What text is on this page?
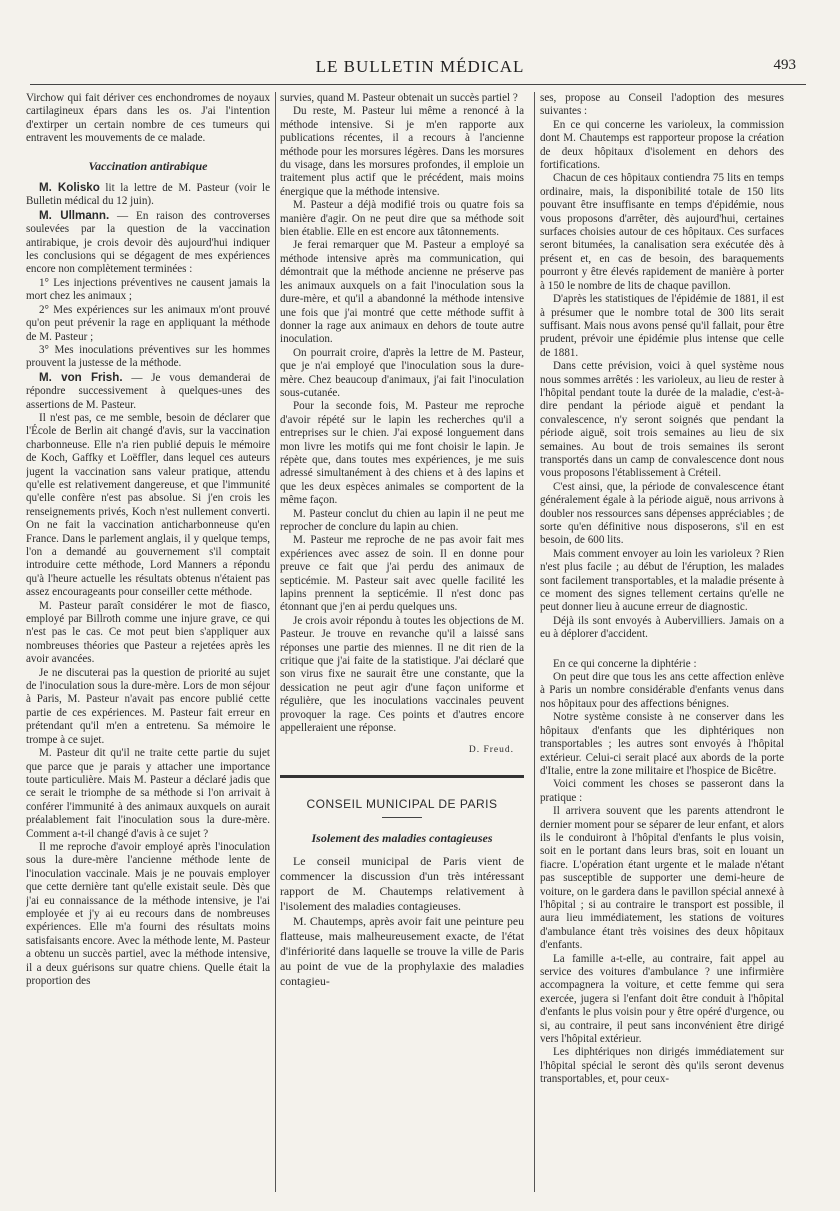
LE BULLETIN MÉDICAL	493

Virchow qui fait dériver ces enchondromes de noyaux cartilagineux épars dans les os. J'ai l'intention d'extirper un certain nombre de ces tumeurs qui entravent les mouvements de ce malade.

Vaccination antirabique

M. Kolisko lit la lettre de M. Pasteur (voir le Bulletin médical du 12 juin).

M. Ullmann. — En raison des controverses soulevées par la question de la vaccination antirabique, je crois devoir dès aujourd'hui indiquer les conclusions qui se dégagent de mes expériences encore non complètement terminées :

1° Les injections préventives ne causent jamais la mort chez les animaux ;

2° Mes expériences sur les animaux m'ont prouvé qu'on peut prévenir la rage en appliquant la méthode de M. Pasteur ;

3° Mes inoculations préventives sur les hommes prouvent la justesse de la méthode.

M. von Frish. — Je vous demanderai de répondre successivement à quelques-unes des assertions de M. Pasteur.

Il n'est pas, ce me semble, besoin de déclarer que l'École de Berlin ait changé d'avis, sur la vaccination charbonneuse. Elle n'a rien publié depuis le mémoire de Koch, Gaffky et Loëffler, dans lequel ces auteurs jugent la vaccination sans valeur pratique, attendu qu'elle est relativement dangereuse, et que l'immunité qu'elle confère n'est pas absolue. Si j'en crois les renseignements privés, Koch n'est nullement converti. On ne fait la vaccination anticharbonneuse qu'en France. Dans le parlement anglais, il y quelque temps, l'on a demandé au gouvernement s'il comptait introduire cette méthode, Lord Manners a répondu qu'à l'heure actuelle les résultats obtenus n'étaient pas assez encourageants pour conseiller cette méthode.

M. Pasteur paraît considérer le mot de fiasco, employé par Billroth comme une injure grave, ce qui n'est pas le cas. Ce mot peut bien s'appliquer aux nombreuses théories que Pasteur a rejetées après les avoir avancées.

Je ne discuterai pas la question de priorité au sujet de l'inoculation sous la dure-mère. Lors de mon séjour à Paris, M. Pasteur n'avait pas encore publié cette partie de ces expériences. M. Pasteur fait erreur en prétendant qu'il m'en a entretenu. Sa mémoire le trompe à ce sujet.

M. Pasteur dit qu'il ne traite cette partie du sujet que parce que je parais y attacher une importance toute particulière. Mais M. Pasteur a déclaré jadis que ce serait le triomphe de sa méthode si l'on arrivait à conférer l'immunité à des animaux auxquels on aurait préalablement fait l'inoculation sous la dure-mère. Comment a-t-il changé d'avis à ce sujet ?

Il me reproche d'avoir employé après l'inoculation sous la dure-mère l'ancienne méthode lente de l'inoculation vaccinale. Mais je ne pouvais employer que cette dernière tant qu'elle existait seule. Dès que j'ai eu connaissance de la méthode intensive, je l'ai employée et j'y ai eu recours dans de nombreuses expériences. Elle m'a fourni des résultats moins satisfaisants encore. Avec la méthode lente, M. Pasteur a obtenu un succès partiel, avec la méthode intensive, il a deux guérisons sur quatre chiens. Quelle était la proportion des

survies, quand M. Pasteur obtenait un succès partiel ?

Du reste, M. Pasteur lui même a renoncé à la méthode intensive. Si je m'en rapporte aux publications récentes, il a recours à l'ancienne méthode pour les morsures légères. Dans les morsures du visage, dans les morsures profondes, il emploie un traitement plus actif que le précédent, mais moins énergique que la méthode intensive.

M. Pasteur a déjà modifié trois ou quatre fois sa manière d'agir. On ne peut dire que sa méthode soit bien établie. Elle en est encore aux tâtonnements.

Je ferai remarquer que M. Pasteur a employé sa méthode intensive après ma communication, qui démontrait que la méthode ancienne ne préserve pas les animaux auxquels on a fait l'inoculation sous la dure-mère, et qu'il a abandonné la méthode intensive une fois que j'ai montré que cette méthode suffit à donner la rage aux animaux en dehors de toute autre inoculation.

On pourrait croire, d'après la lettre de M. Pasteur, que je n'ai employé que l'inoculation sous la dure-mère. Chez beaucoup d'animaux, j'ai fait l'inoculation sous-cutanée.

Pour la seconde fois, M. Pasteur me reproche d'avoir répété sur le lapin les recherches qu'il a entreprises sur le chien. J'ai exposé longuement dans mon livre les motifs qui me font choisir le lapin. Je répète que, dans toutes mes expériences, je me suis adressé simultanément à des chiens et à des lapins et que les deux espèces animales se comportent de la même façon.

M. Pasteur conclut du chien au lapin il ne peut me reprocher de conclure du lapin au chien.

M. Pasteur me reproche de ne pas avoir fait mes expériences avec assez de soin. Il en donne pour preuve ce fait que j'ai perdu des animaux de septicémie. M. Pasteur sait avec quelle facilité les lapins prennent la septicémie. Il n'est donc pas étonnant que j'en ai perdu quelques uns.

Je crois avoir répondu à toutes les objections de M. Pasteur. Je trouve en revanche qu'il a laissé sans réponses une partie des miennes. Il ne dit rien de la critique que j'ai faite de la statistique. J'ai déclaré que son virus fixe ne saurait être une constante, que la dessication ne peut agir d'une façon uniforme et régulière, que les inoculations vaccinales peuvent provoquer la rage. Ces points et d'autres encore appelleraient une réponse.

D. Freud.
CONSEIL MUNICIPAL DE PARIS
Isolement des maladies contagieuses

Le conseil municipal de Paris vient de commencer la discussion d'un très intéressant rapport de M. Chautemps relativement à l'isolement des maladies contagieuses.

M. Chautemps, après avoir fait une peinture peu flatteuse, mais malheureusement exacte, de l'état d'infériorité dans laquelle se trouve la ville de Paris au point de vue de la prophylaxie des maladies contagieu-

ses, propose au Conseil l'adoption des mesures suivantes :

En ce qui concerne les varioleux, la commission dont M. Chautemps est rapporteur propose la création de deux hôpitaux d'isolement en dehors des fortifications.

Chacun de ces hôpitaux contiendra 75 lits en temps ordinaire, mais, la disponibilité totale de 150 lits pouvant être insuffisante en temps d'épidémie, nous vous proposons d'arrêter, dès aujourd'hui, certaines surfaces choisies autour de ces hôpitaux. Ces surfaces seront bitumées, la canalisation sera exécutée dès à présent et, en cas de besoin, des baraquements pourront y être élevés rapidement de manière à porter à 150 le nombre de lits de chaque pavillon.

D'après les statistiques de l'épidémie de 1881, il est à présumer que le nombre total de 300 lits serait suffisant. Mais nous avons pensé qu'il fallait, pour être prudent, prévoir une épidémie plus intense que celle de 1881.

Dans cette prévision, voici à quel système nous nous sommes arrêtés : les varioleux, au lieu de rester à l'hôpital pendant toute la durée de la maladie, c'est-à-dire pendant la période aiguë et pendant la convalescence, n'y seront soignés que pendant la période aiguë, soit trois semaines au lieu de six semaines. Au bout de trois semaines ils seront transportés dans un camp de convalescence dont nous vous proposons l'établissement à Créteil.

C'est ainsi, que, la période de convalescence étant généralement égale à la période aiguë, nous arrivons à doubler nos ressources sans dépenses appréciables ; de sorte qu'en définitive nous disposerons, s'il en est besoin, de 600 lits.

Mais comment envoyer au loin les varioleux ? Rien n'est plus facile ; au début de l'éruption, les malades sont facilement transportables, et la maladie présente à ce moment des signes tellement certains qu'elle ne peut donner lieu à aucune erreur de diagnostic.

Déjà ils sont envoyés à Aubervilliers. Jamais on a eu à déplorer d'accident.

En ce qui concerne la diphtérie :

On peut dire que tous les ans cette affection enlève à Paris un nombre considérable d'enfants venus dans nos hôpitaux pour des affections bénignes.

Notre système consiste à ne conserver dans les hôpitaux d'enfants que les diphtériques non transportables ; les autres sont envoyés à l'hôpital extérieur. Celui-ci serait placé aux abords de la porte d'Italie, entre la zone militaire et l'hospice de Bicêtre.

Voici comment les choses se passeront dans la pratique :

Il arrivera souvent que les parents attendront le dernier moment pour se séparer de leur enfant, et alors ils le conduiront à l'hôpital d'enfants le plus voisin, soit en le portant dans leurs bras, soit en louant un fiacre. L'opération étant urgente et le malade n'étant pas susceptible de supporter une demi-heure de voiture, on le gardera dans le pavillon spécial annexé à l'hôpital ; si au contraire le transport est possible, il aura lieu immédiatement, les stations de voitures d'ambulance étant très voisines des deux hôpitaux d'enfants.

La famille a-t-elle, au contraire, fait appel au service des voitures d'ambulance ? une infirmière accompagnera la voiture, et cette femme qui sera exercée, jugera si l'enfant doit être conduit à l'hôpital d'enfants le plus voisin pour y être opéré d'urgence, ou si, au contraire, il peut sans inconvénient être dirigé vers l'hôpital extérieur.

Les diphtériques non dirigés immédiatement sur l'hôpital spécial le seront dès qu'ils seront devenus transportables, et, pour ceux-
